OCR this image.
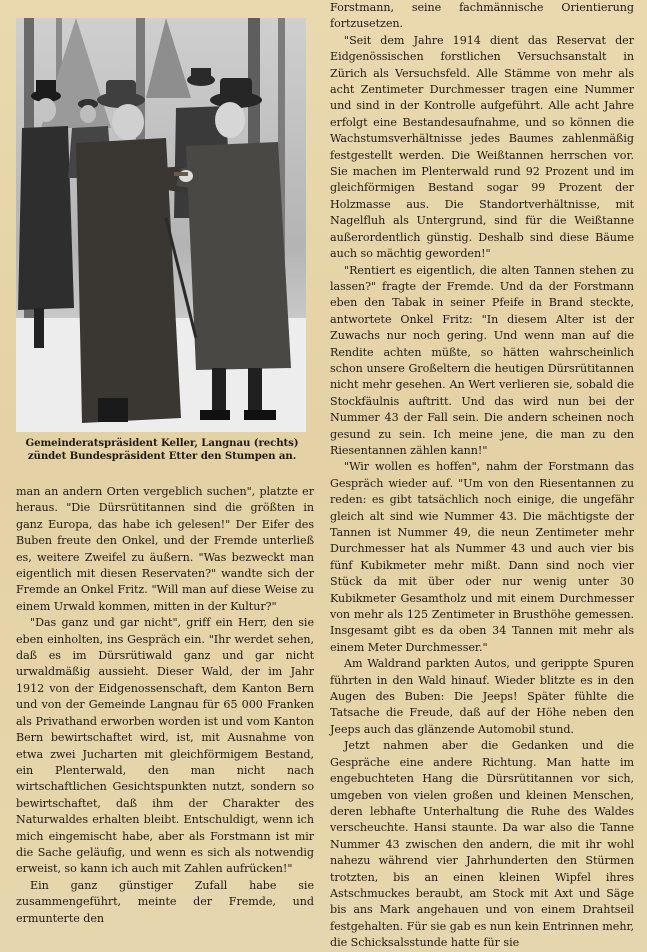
Gemeinderatspräsident Keller, Langnau (rechts) zündet Bundespräsident Etter den Stumpen an.

man an andern Orten vergeblich suchen", platzte er heraus. "Die Dürsrütitannen sind die größten in ganz Europa, das habe ich gelesen!" Der Eifer des Buben freute den Onkel, und der Fremde unterließ es, weitere Zweifel zu äußern. "Was bezweckt man eigentlich mit diesen Reservaten?" wandte sich der Fremde an Onkel Fritz. "Will man auf diese Weise zu einem Urwald kommen, mitten in der Kultur?"

"Das ganz und gar nicht", griff ein Herr, den sie eben einholten, ins Gespräch ein. "Ihr werdet sehen, daß es im Dürsrütiwald ganz und gar nicht urwaldmäßig aussieht. Dieser Wald, der im Jahr 1912 von der Eidgenossenschaft, dem Kanton Bern und von der Gemeinde Langnau für 65 000 Franken als Privathand erworben worden ist und vom Kanton Bern bewirtschaftet wird, ist, mit Ausnahme von etwa zwei Jucharten mit gleichförmigem Bestand, ein Plenterwald, den man nicht nach wirtschaftlichen Gesichtspunkten nutzt, sondern so bewirtschaftet, daß ihm der Charakter des Naturwaldes erhalten bleibt. Entschuldigt, wenn ich mich eingemischt habe, aber als Forstmann ist mir die Sache geläufig, und wenn es sich als notwendig erweist, so kann ich auch mit Zahlen aufrücken!"

Ein ganz günstiger Zufall habe sie zusammengeführt, meinte der Fremde, und ermunterte den

Forstmann, seine fachmännische Orientierung fortzusetzen.

"Seit dem Jahre 1914 dient das Reservat der Eidgenössischen forstlichen Versuchsanstalt in Zürich als Versuchsfeld. Alle Stämme von mehr als acht Zentimeter Durchmesser tragen eine Nummer und sind in der Kontrolle aufgeführt. Alle acht Jahre erfolgt eine Bestandesaufnahme, und so können die Wachstumsverhältnisse jedes Baumes zahlenmäßig festgestellt werden. Die Weißtannen herrschen vor. Sie machen im Plenterwald rund 92 Prozent und im gleichförmigen Bestand sogar 99 Prozent der Holzmasse aus. Die Standortverhältnisse, mit Nagelfluh als Untergrund, sind für die Weißtanne außerordentlich günstig. Deshalb sind diese Bäume auch so mächtig geworden!"

"Rentiert es eigentlich, die alten Tannen stehen zu lassen?" fragte der Fremde. Und da der Forstmann eben den Tabak in seiner Pfeife in Brand steckte, antwortete Onkel Fritz: "In diesem Alter ist der Zuwachs nur noch gering. Und wenn man auf die Rendite achten müßte, so hätten wahrscheinlich schon unsere Großeltern die heutigen Dürsrütitannen nicht mehr gesehen. An Wert verlieren sie, sobald die Stockfäulnis auftritt. Und das wird nun bei der Nummer 43 der Fall sein. Die andern scheinen noch gesund zu sein. Ich meine jene, die man zu den Riesentannen zählen kann!"

"Wir wollen es hoffen", nahm der Forstmann das Gespräch wieder auf. "Um von den Riesentannen zu reden: es gibt tatsächlich noch einige, die ungefähr gleich alt sind wie Nummer 43. Die mächtigste der Tannen ist Nummer 49, die neun Zentimeter mehr Durchmesser hat als Nummer 43 und auch vier bis fünf Kubikmeter mehr mißt. Dann sind noch vier Stück da mit über oder nur wenig unter 30 Kubikmeter Gesamtholz und mit einem Durchmesser von mehr als 125 Zentimeter in Brusthöhe gemessen. Insgesamt gibt es da oben 34 Tannen mit mehr als einem Meter Durchmesser."

Am Waldrand parkten Autos, und gerippte Spuren führten in den Wald hinauf. Wieder blitzte es in den Augen des Buben: Die Jeeps! Später fühlte die Tatsache die Freude, daß auf der Höhe neben den Jeeps auch das glänzende Automobil stund.

Jetzt nahmen aber die Gedanken und die Gespräche eine andere Richtung. Man hatte im engebuchteten Hang die Dürsrütitannen vor sich, umgeben von vielen großen und kleinen Menschen, deren lebhafte Unterhaltung die Ruhe des Waldes verscheuchte. Hansi staunte. Da war also die Tanne Nummer 43 zwischen den andern, die mit ihr wohl nahezu während vier Jahrhunderten den Stürmen trotzten, bis an einen kleinen Wipfel ihres Astschmuckes beraubt, am Stock mit Axt und Säge bis ans Mark angehauen und von einem Drahtseil festgehalten. Für sie gab es nun kein Entrinnen mehr, die Schicksalsstunde hatte für sie
